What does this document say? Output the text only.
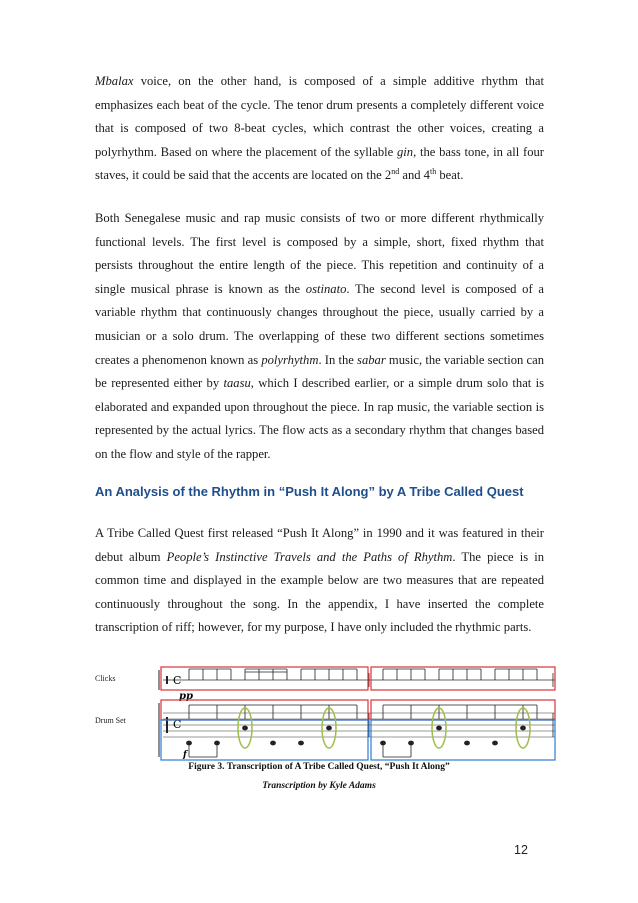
Mbalax voice, on the other hand, is composed of a simple additive rhythm that emphasizes each beat of the cycle. The tenor drum presents a completely different voice that is composed of two 8-beat cycles, which contrast the other voices, creating a polyrhythm. Based on where the placement of the syllable gin, the bass tone, in all four staves, it could be said that the accents are located on the 2nd and 4th beat.

Both Senegalese music and rap music consists of two or more different rhythmically functional levels. The first level is composed by a simple, short, fixed rhythm that persists throughout the entire length of the piece. This repetition and continuity of a single musical phrase is known as the ostinato. The second level is composed of a variable rhythm that continuously changes throughout the piece, usually carried by a musician or a solo drum. The overlapping of these two different sections sometimes creates a phenomenon known as polyrhythm. In the sabar music, the variable section can be represented either by taasu, which I described earlier, or a simple drum solo that is elaborated and expanded upon throughout the piece. In rap music, the variable section is represented by the actual lyrics. The flow acts as a secondary rhythm that changes based on the flow and style of the rapper.

An Analysis of the Rhythm in “Push It Along” by A Tribe Called Quest

A Tribe Called Quest first released “Push It Along” in 1990 and it was featured in their debut album People’s Instinctive Travels and the Paths of Rhythm. The piece is in common time and displayed in the example below are two measures that are repeated continuously throughout the song. In the appendix, I have inserted the complete transcription of riff; however, for my purpose, I have only included the rhythmic parts.

Clicks
Drum Set
C
pp
C
f
Figure 3. Transcription of A Tribe Called Quest, “Push It Along”
Transcription by Kyle Adams
12
